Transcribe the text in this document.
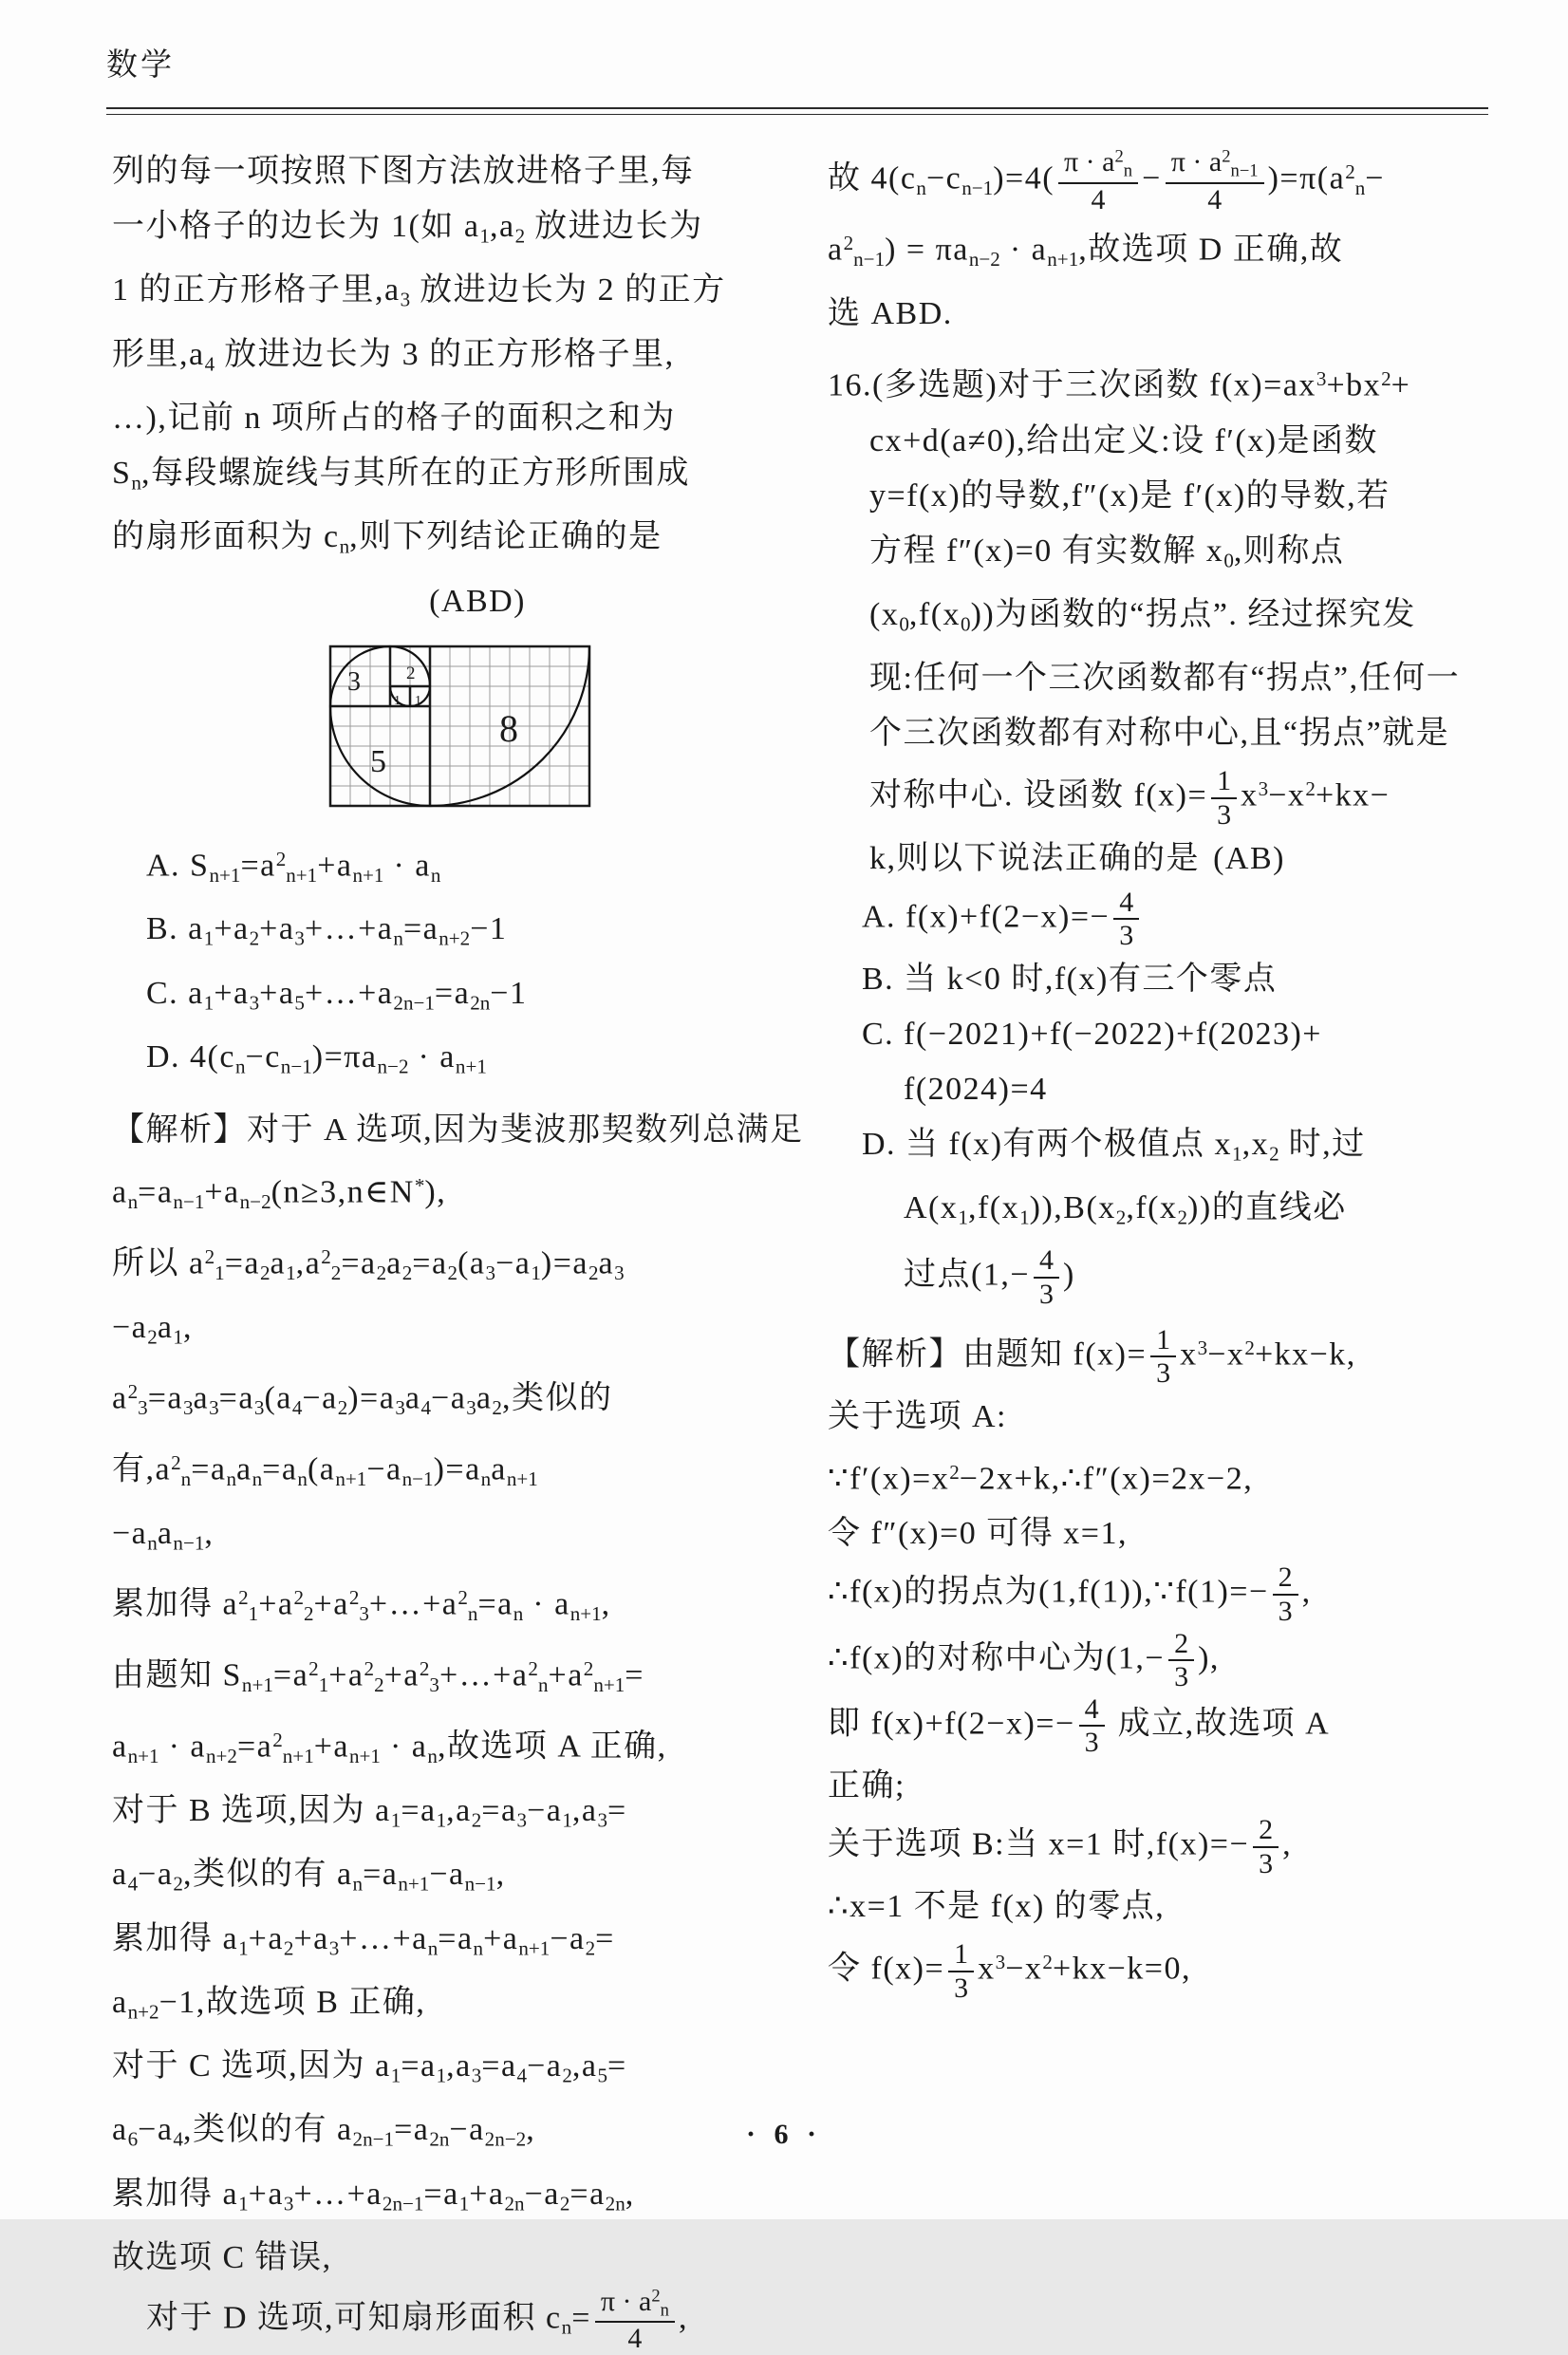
数学
列的每一项按照下图方法放进格子里,每
一小格子的边长为 1(如 $a_1,a_2$ 放进边长为
1 的正方形格子里$,a_3$ 放进边长为 2 的正方
形里$,a_4$ 放进边长为 3 的正方形格子里,
…),记前 n 项所占的格子的面积之和为
$S_n$,每段螺旋线与其所在的正方形所围成
的扇形面积为 $c_n$,则下列结论正确的是
(ABD)
3	2
1 1
5
8
A. $S_{n+1}=a^2_{n+1}+a_{n+1} \cdot a_n$
B. $a_1+a_2+a_3+\dots+a_n=a_{n+2}-1$
C. $a_1+a_3+a_5+\dots+a_{2n-1}=a_{2n}-1$
D. $4(c_n-c_{n-1})=\pi a_{n-2} \cdot a_{n+1}$
【解析】对于 A 选项,因为斐波那契数列总满足
$a_n=a_{n-1}+a_{n-2}(n\ge 3,n\in N^*)$,
所以 $a^2_1=a_2a_1,a^2_2=a_2a_2=a_2(a_3-a_1)=a_2a_3$
$-a_2a_1$,
$a^2_3=a_3a_3=a_3(a_4-a_2)=a_3a_4-a_3a_2$,类似的
有$,a^2_n=a_na_n=a_n(a_{n+1}-a_{n-1})=a_na_{n+1}$
$-a_na_{n-1}$,
累加得 $a^2_1+a^2_2+a^2_3+\dots+a^2_n=a_n \cdot a_{n+1}$,
由题知 $S_{n+1}=a^2_1+a^2_2+a^2_3+\dots+a^2_n+a^2_{n+1}=$
$a_{n+1} \cdot a_{n+2}=a^2_{n+1}+a_{n+1} \cdot a_n$,故选项 A 正确,
对于 B 选项,因为 $a_1=a_1,a_2=a_3-a_1,a_3=$
$a_4-a_2$,类似的有 $a_n=a_{n+1}-a_{n-1}$,
累加得 $a_1+a_2+a_3+\dots+a_n=a_n+a_{n+1}-a_2=$
$a_{n+2}-1$,故选项 B 正确,
对于 C 选项,因为 $a_1=a_1,a_3=a_4-a_2,a_5=$
$a_6-a_4$,类似的有 $a_{2n-1}=a_{2n}-a_{2n-2}$,
累加得 $a_1+a_3+\dots+a_{2n-1}=a_1+a_{2n}-a_2=a_{2n}$,
故选项 C 错误,
对于 D 选项,可知扇形面积 $c_n= \frac{\pi \cdot a^2_n}{4}$ ,
故 $4(c_n-c_{n-1})=4( \frac{\pi \cdot a^2_n}{4} - \frac{\pi \cdot a^2_{n-1}}{4} )=\pi(a^2_n-$
$a^2_{n-1}) = \pi a_{n-2} \cdot a_{n+1}$,故选项 D 正确,故
选 ABD.
16.(多选题)对于三次函数 $f(x)=ax^3+bx^2+$
cx+d(a≠0),给出定义:设 f′(x)是函数
y=f(x)的导数,f″(x)是 f′(x)的导数,若
方程 f″(x)=0 有实数解 $x_0$,则称点
$(x_0,f(x_0))$为函数的“拐点”. 经过探究发
现:任何一个三次函数都有“拐点”,任何一
个三次函数都有对称中心,且“拐点”就是
对称中心. 设函数 $f(x)= \frac{1}{3} x^3-x^2+kx-$
k,则以下说法正确的是 (AB)
A. $f(x)+f(2-x)=- \frac{4}{3}$
B. 当 k<0 时,f(x)有三个零点
C. f(−2021)+f(−2022)+f(2023)+
f(2024)=4
D. 当 f(x)有两个极值点 $x_1,x_2$ 时,过
$A(x_1,f(x_1)),B(x_2,f(x_2))$的直线必
过点($1,- \frac{4}{3}$ )
【解析】由题知 $f(x)= \frac{1}{3} x^3-x^2+kx-k$,
关于选项 A:
$\because f'(x)=x^2-2x+k,\therefore f''(x)=2x-2$,
令 f″(x)=0 可得 x=1,
∴f(x)的拐点为(1,f(1)),∵f(1)=− $\frac{2}{3}$ ,
∴f(x)的对称中心为($1,- \frac{2}{3}$ ),
即 $f(x)+f(2-x)=- \frac{4}{3}$ 成立,故选项 A
正确;
关于选项 B:当 x=1 时$,f(x)=- \frac{2}{3}$ ,
∴x=1 不是 f(x) 的零点,
令 $f(x)= \frac{1}{3} x^3-x^2+kx-k=0$,
· 6 ·
